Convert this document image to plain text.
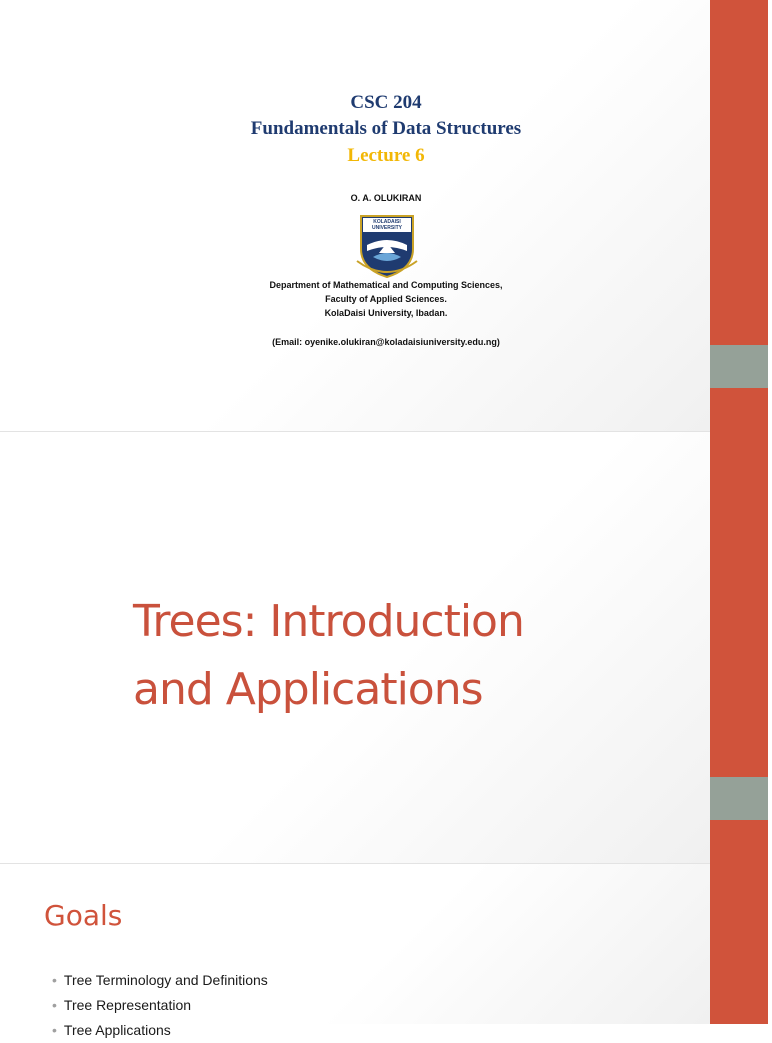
CSC 204
Fundamentals of Data Structures
Lecture 6
O. A. OLUKIRAN
KOLADAISI UNIVERSITY
Department of Mathematical and Computing Sciences,
Faculty of Applied Sciences.
KolaDaisi University, Ibadan.
(Email: oyenike.olukiran@koladaisiuniversity.edu.ng)
Trees: Introduction
and Applications
Goals
• Tree Terminology and Definitions
• Tree Representation
• Tree Applications
